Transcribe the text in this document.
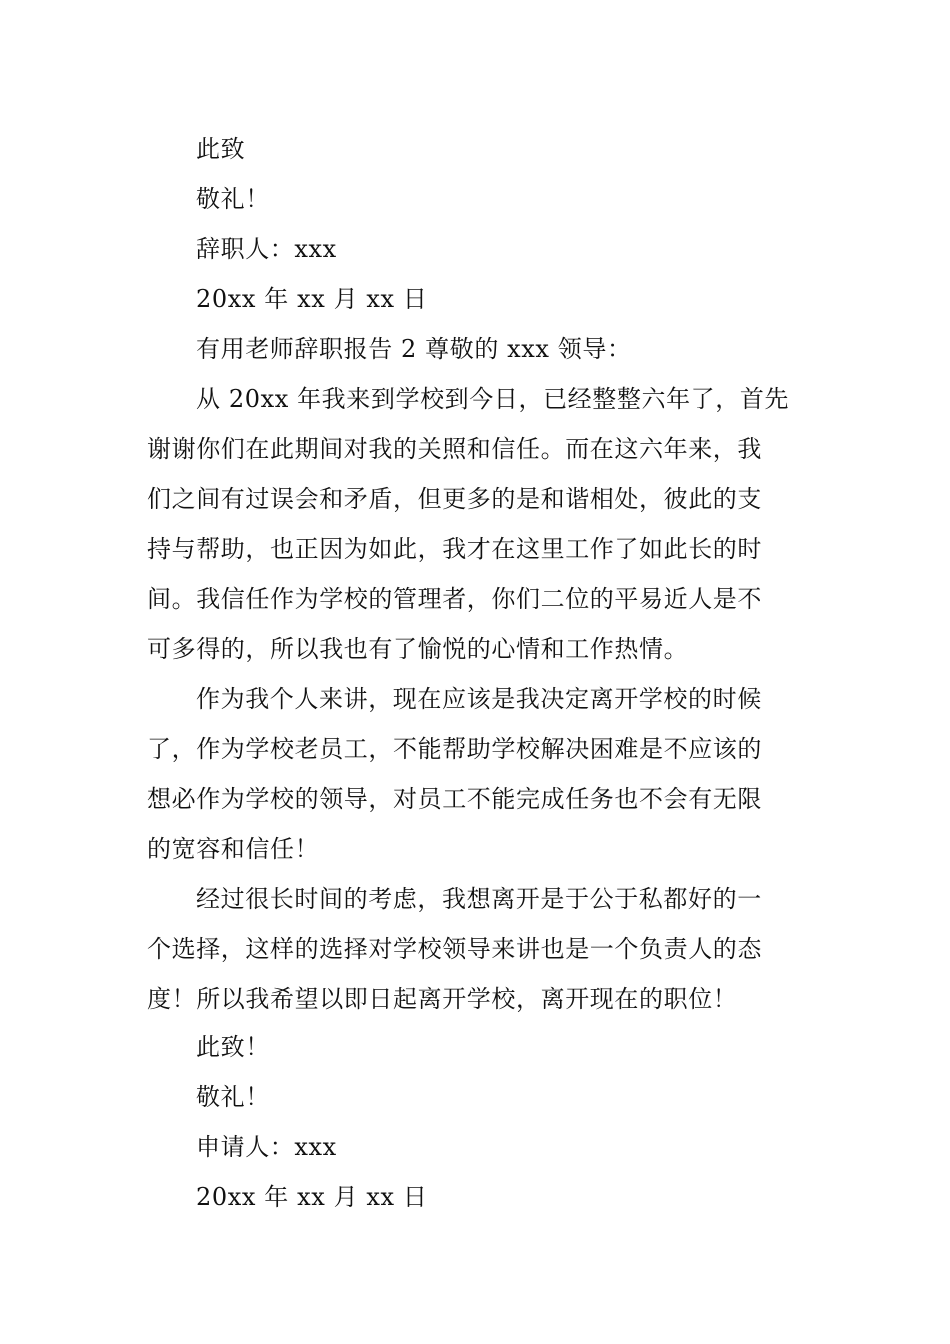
此致
敬礼！
辞职人：xxx
20xx 年 xx 月 xx 日
有用老师辞职报告 2 尊敬的 xxx 领导：
从 20xx 年我来到学校到今日，已经整整六年了，首先
谢谢你们在此期间对我的关照和信任。而在这六年来，我
们之间有过误会和矛盾，但更多的是和谐相处，彼此的支
持与帮助，也正因为如此，我才在这里工作了如此长的时
间。我信任作为学校的管理者，你们二位的平易近人是不
可多得的，所以我也有了愉悦的心情和工作热情。
作为我个人来讲，现在应该是我决定离开学校的时候
了，作为学校老员工，不能帮助学校解决困难是不应该的
想必作为学校的领导，对员工不能完成任务也不会有无限
的宽容和信任！
经过很长时间的考虑，我想离开是于公于私都好的一
个选择，这样的选择对学校领导来讲也是一个负责人的态
度！所以我希望以即日起离开学校，离开现在的职位！
此致！
敬礼！
申请人：xxx
20xx 年 xx 月 xx 日
